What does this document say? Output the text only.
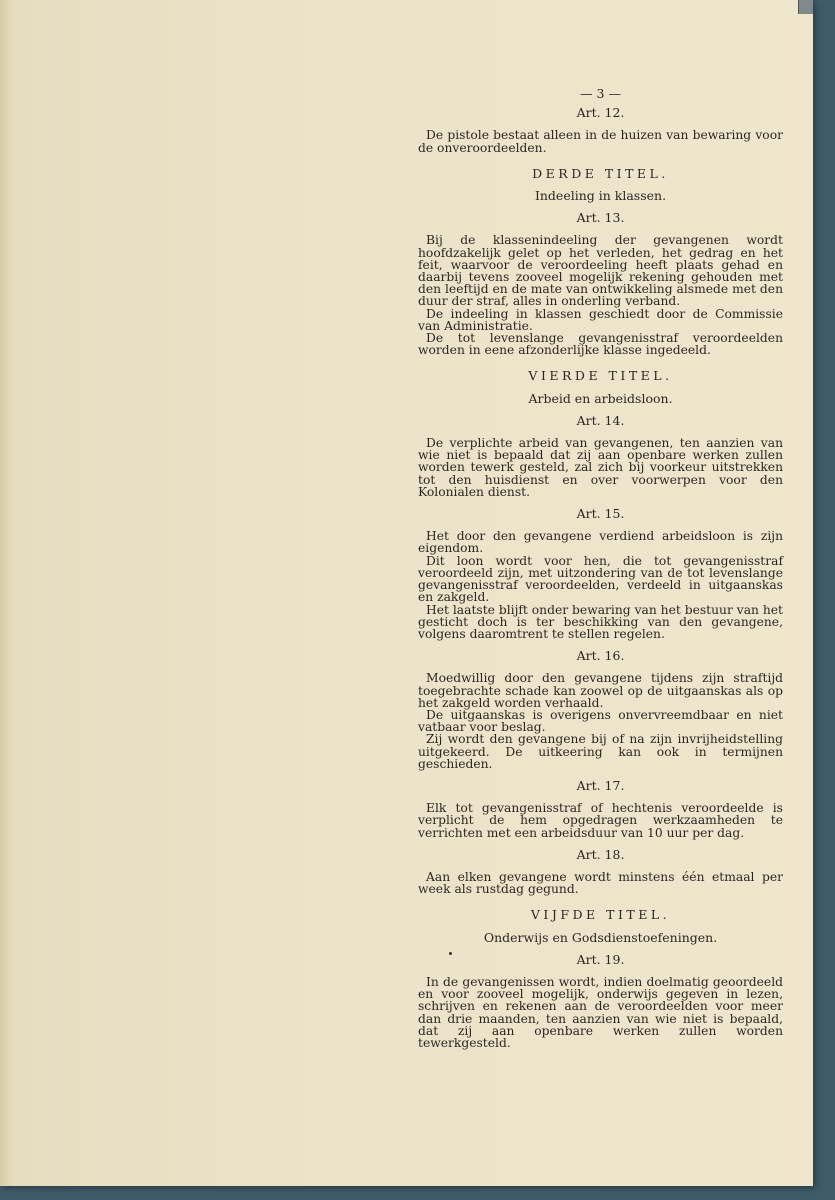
— 3 —
Art. 12.

De pistole bestaat alleen in de huizen van bewaring voor de onveroordeelden.

DERDE TITEL.
Indeeling in klassen.
Art. 13.

Bij de klassenindeeling der gevangenen wordt hoofdzakelijk gelet op het verleden, het gedrag en het feit, waarvoor de veroordeeling heeft plaats gehad en daarbij tevens zooveel mogelijk rekening gehouden met den leeftijd en de mate van ontwikkeling alsmede met den duur der straf, alles in onderling verband.

De indeeling in klassen geschiedt door de Commissie van Administratie.

De tot levenslange gevangenisstraf veroordeelden worden in eene afzonderlijke klasse ingedeeld.

VIERDE TITEL.
Arbeid en arbeidsloon.
Art. 14.

De verplichte arbeid van gevangenen, ten aanzien van wie niet is bepaald dat zij aan openbare werken zullen worden tewerk gesteld, zal zich bij voorkeur uitstrekken tot den huisdienst en over voorwerpen voor den Kolonialen dienst.

Art. 15.

Het door den gevangene verdiend arbeidsloon is zijn eigendom.

Dit loon wordt voor hen, die tot gevangenisstraf veroordeeld zijn, met uitzondering van de tot levenslange gevangenisstraf veroordeelden, verdeeld in uitgaanskas en zakgeld.

Het laatste blijft onder bewaring van het bestuur van het gesticht doch is ter beschikking van den gevangene, volgens daaromtrent te stellen regelen.

Art. 16.

Moedwillig door den gevangene tijdens zijn straftijd toegebrachte schade kan zoowel op de uitgaanskas als op het zakgeld worden verhaald.

De uitgaanskas is overigens onvervreemdbaar en niet vatbaar voor beslag.

Zij wordt den gevangene bij of na zijn invrijheidstelling uitgekeerd. De uitkeering kan ook in termijnen geschieden.

Art. 17.

Elk tot gevangenisstraf of hechtenis veroordeelde is verplicht de hem opgedragen werkzaamheden te verrichten met een arbeidsduur van 10 uur per dag.

Art. 18.

Aan elken gevangene wordt minstens één etmaal per week als rustdag gegund.

VIJFDE TITEL.
Onderwijs en Godsdienstoefeningen.
Art. 19.

In de gevangenissen wordt, indien doelmatig geoordeeld en voor zooveel mogelijk, onderwijs gegeven in lezen, schrijven en rekenen aan de veroordeelden voor meer dan drie maanden, ten aanzien van wie niet is bepaald, dat zij aan openbare werken zullen worden tewerkgesteld.
